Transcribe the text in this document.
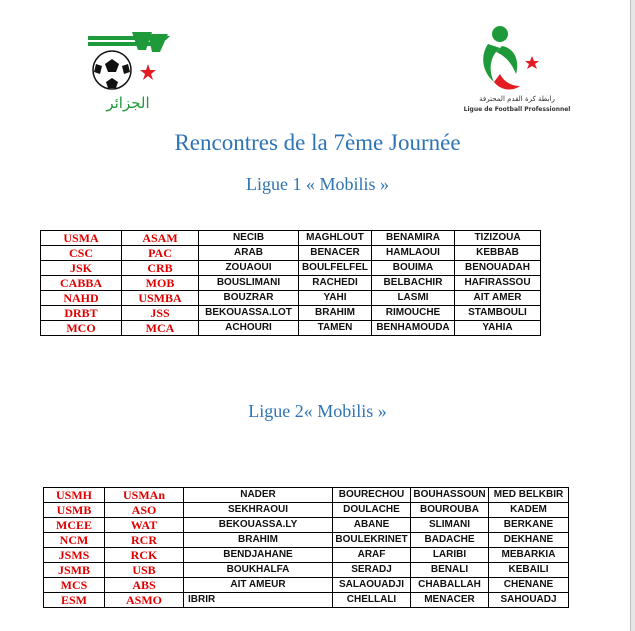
الجزائر	رابطة كرة القدم المحترفة
Ligue de Football Professionnel
Rencontres de la 7ème Journée
Ligue 1 « Mobilis »
USMA	ASAM	NECIB	MAGHLOUT	BENAMIRA	TIZIZOUA
CSC	PAC	ARAB	BENACER	HAMLAOUI	KEBBAB
JSK	CRB	ZOUAOUI	BOULFELFEL	BOUIMA	BENOUADAH
CABBA	MOB	BOUSLIMANI	RACHEDI	BELBACHIR	HAFIRASSOU
NAHD	USMBA	BOUZRAR	YAHI	LASMI	AIT AMER
DRBT	JSS	BEKOUASSA.LOT	BRAHIM	RIMOUCHE	STAMBOULI
MCO	MCA	ACHOURI	TAMEN	BENHAMOUDA	YAHIA
Ligue 2« Mobilis »
USMH	USMAn	NADER	BOURECHOU	BOUHASSOUN	MED BELKBIR
USMB	ASO	SEKHRAOUI	DOULACHE	BOUROUBA	KADEM
MCEE	WAT	BEKOUASSA.LY	ABANE	SLIMANI	BERKANE
NCM	RCR	BRAHIM	BOULEKRINET	BADACHE	DEKHANE
JSMS	RCK	BENDJAHANE	ARAF	LARIBI	MEBARKIA
JSMB	USB	BOUKHALFA	SERADJ	BENALI	KEBAILI
MCS	ABS	AIT AMEUR	SALAOUADJI	CHABALLAH	CHENANE
ESM	ASMO	IBRIR	CHELLALI	MENACER	SAHOUADJ
